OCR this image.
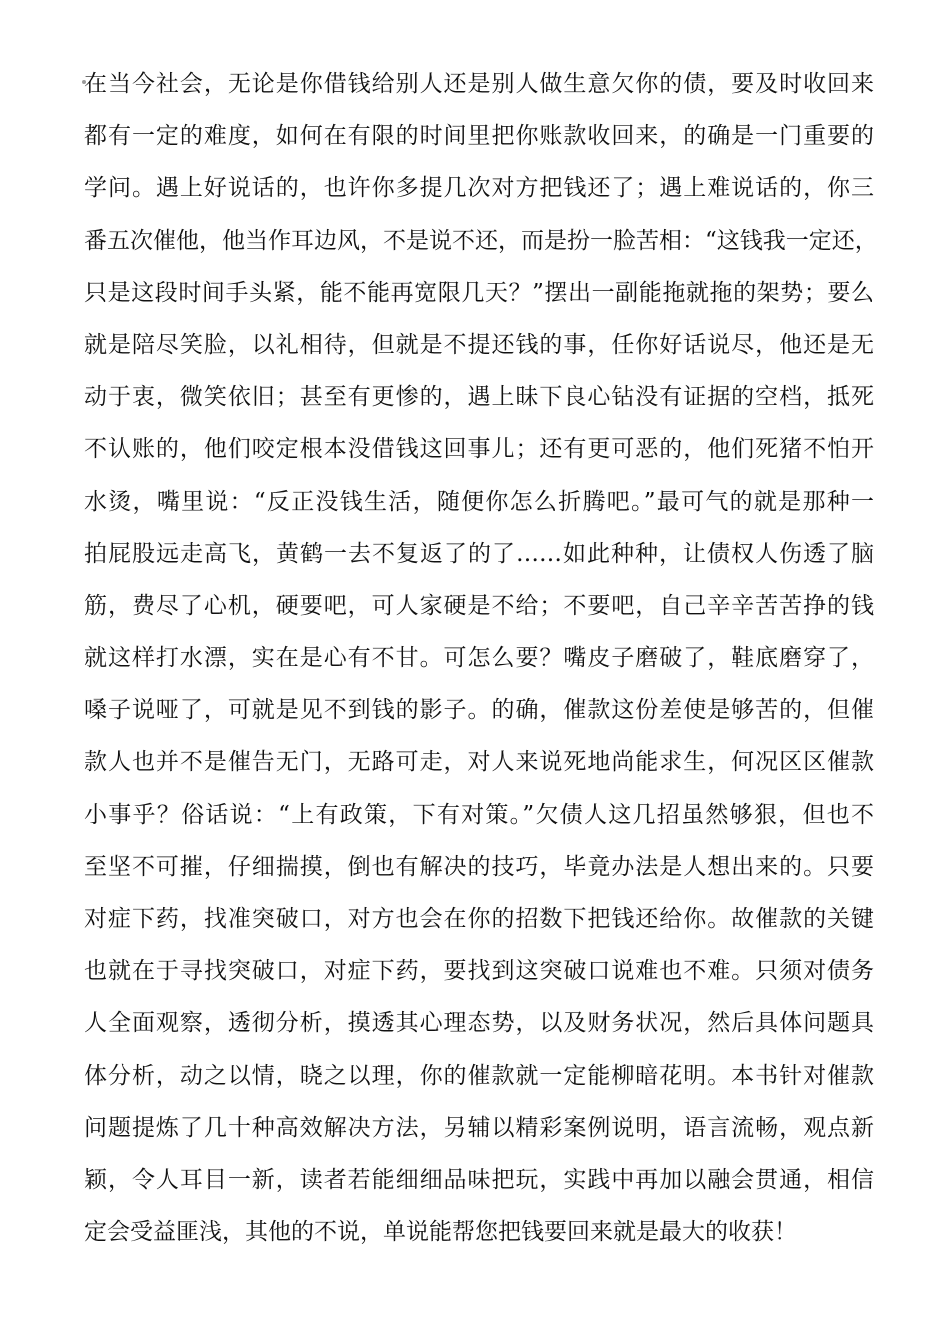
在当今社会，无论是你借钱给别人还是别人做生意欠你的债，要及时收回来
都有一定的难度，如何在有限的时间里把你账款收回来，的确是一门重要的
学问。遇上好说话的，也许你多提几次对方把钱还了；遇上难说话的，你三
番五次催他，他当作耳边风，不是说不还，而是扮一脸苦相：“这钱我一定还，
只是这段时间手头紧，能不能再宽限几天？”摆出一副能拖就拖的架势；要么
就是陪尽笑脸，以礼相待，但就是不提还钱的事，任你好话说尽，他还是无
动于衷，微笑依旧；甚至有更惨的，遇上昧下良心钻没有证据的空档，抵死
不认账的，他们咬定根本没借钱这回事儿；还有更可恶的，他们死猪不怕开
水烫，嘴里说：“反正没钱生活，随便你怎么折腾吧。”最可气的就是那种一
拍屁股远走高飞，黄鹤一去不复返了的了……如此种种，让债权人伤透了脑
筋，费尽了心机，硬要吧，可人家硬是不给；不要吧，自己辛辛苦苦挣的钱
就这样打水漂，实在是心有不甘。可怎么要？嘴皮子磨破了，鞋底磨穿了，
嗓子说哑了，可就是见不到钱的影子。的确，催款这份差使是够苦的，但催
款人也并不是催告无门，无路可走，对人来说死地尚能求生，何况区区催款
小事乎？俗话说：“上有政策，下有对策。”欠债人这几招虽然够狠，但也不
至坚不可摧，仔细揣摸，倒也有解决的技巧，毕竟办法是人想出来的。只要
对症下药，找准突破口，对方也会在你的招数下把钱还给你。故催款的关键
也就在于寻找突破口，对症下药，要找到这突破口说难也不难。只须对债务
人全面观察，透彻分析，摸透其心理态势，以及财务状况，然后具体问题具
体分析，动之以情，晓之以理，你的催款就一定能柳暗花明。本书针对催款
问题提炼了几十种高效解决方法，另辅以精彩案例说明，语言流畅，观点新
颖，令人耳目一新，读者若能细细品味把玩，实践中再加以融会贯通，相信
定会受益匪浅，其他的不说，单说能帮您把钱要回来就是最大的收获！
